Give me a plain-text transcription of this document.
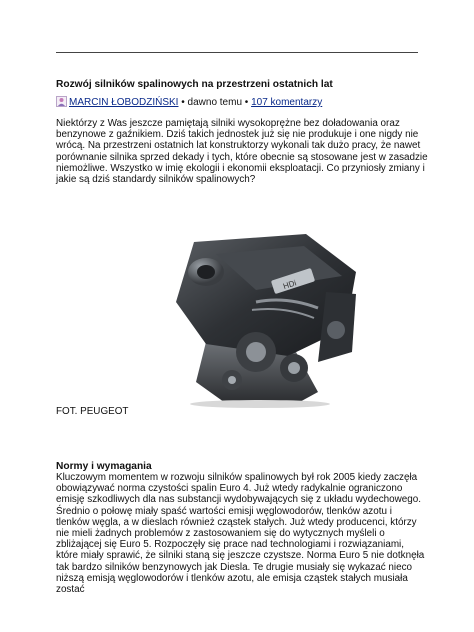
Rozwój silników spalinowych na przestrzeni ostatnich lat
MARCIN ŁOBODZIŃSKI • dawno temu • 107 komentarzy

Niektórzy z Was jeszcze pamiętają silniki wysokoprężne bez doładowania oraz benzynowe z gaźnikiem. Dziś takich jednostek już się nie produkuje i one nigdy nie wrócą. Na przestrzeni ostatnich lat konstruktorzy wykonali tak dużo pracy, że nawet porównanie silnika sprzed dekady i tych, które obecnie są stosowane jest w zasadzie niemożliwe. Wszystko w imię ekologii i ekonomii eksploatacji. Co przyniosły zmiany i jakie są dziś standardy silników spalinowych?

HDi
FOT. PEUGEOT
Normy i wymagania

Kluczowym momentem w rozwoju silników spalinowych był rok 2005 kiedy zaczęła obowiązywać norma czystości spalin Euro 4. Już wtedy radykalnie ograniczono emisję szkodliwych dla nas substancji wydobywających się z układu wydechowego. Średnio o połowę miały spaść wartości emisji węglowodorów, tlenków azotu i tlenków węgla, a w dieslach również cząstek stałych. Już wtedy producenci, którzy nie mieli żadnych problemów z zastosowaniem się do wytycznych myśleli o zbliżającej się Euro 5. Rozpoczęły się prace nad technologiami i rozwiązaniami, które miały sprawić, że silniki staną się jeszcze czystsze. Norma Euro 5 nie dotknęła tak bardzo silników benzynowych jak Diesla. Te drugie musiały się wykazać nieco niższą emisją węglowodorów i tlenków azotu, ale emisja cząstek stałych musiała zostać
